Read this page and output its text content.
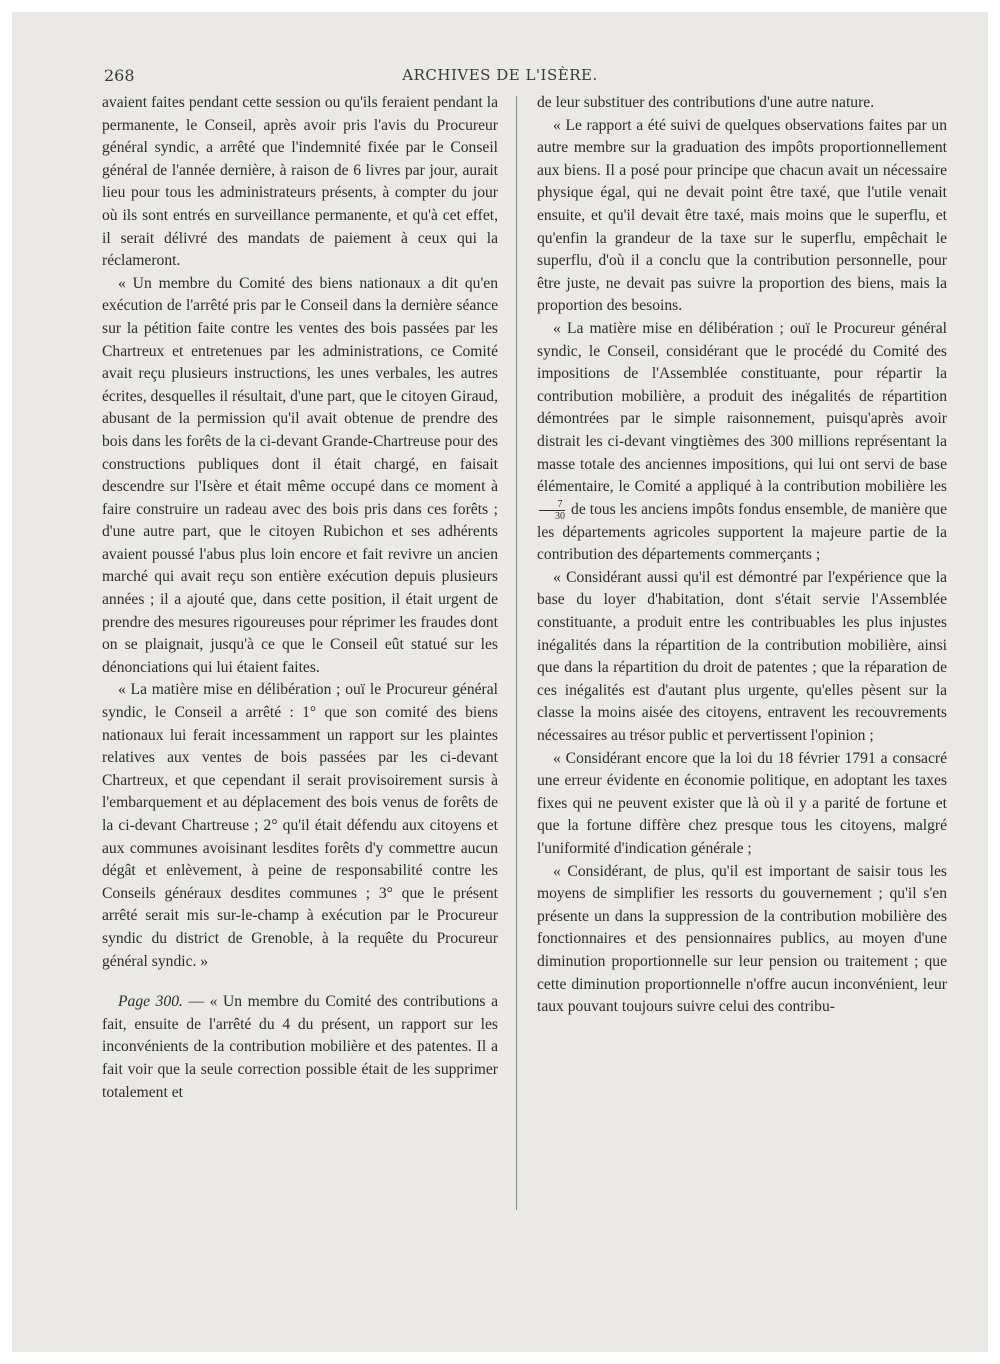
268	ARCHIVES DE L'ISÈRE.

avaient faites pendant cette session ou qu'ils feraient pendant la permanente, le Conseil, après avoir pris l'avis du Procureur général syndic, a arrêté que l'indemnité fixée par le Conseil général de l'année dernière, à raison de 6 livres par jour, aurait lieu pour tous les administrateurs présents, à compter du jour où ils sont entrés en surveillance permanente, et qu'à cet effet, il serait délivré des mandats de paiement à ceux qui la réclameront.

« Un membre du Comité des biens nationaux a dit qu'en exécution de l'arrêté pris par le Conseil dans la dernière séance sur la pétition faite contre les ventes des bois passées par les Chartreux et entretenues par les administrations, ce Comité avait reçu plusieurs instructions, les unes verbales, les autres écrites, desquelles il résultait, d'une part, que le citoyen Giraud, abusant de la permission qu'il avait obtenue de prendre des bois dans les forêts de la ci-devant Grande-Chartreuse pour des constructions publiques dont il était chargé, en faisait descendre sur l'Isère et était même occupé dans ce moment à faire construire un radeau avec des bois pris dans ces forêts ; d'une autre part, que le citoyen Rubichon et ses adhérents avaient poussé l'abus plus loin encore et fait revivre un ancien marché qui avait reçu son entière exécution depuis plusieurs années ; il a ajouté que, dans cette position, il était urgent de prendre des mesures rigoureuses pour réprimer les fraudes dont on se plaignait, jusqu'à ce que le Conseil eût statué sur les dénonciations qui lui étaient faites.

« La matière mise en délibération ; ouï le Procureur général syndic, le Conseil a arrêté : 1° que son comité des biens nationaux lui ferait incessamment un rapport sur les plaintes relatives aux ventes de bois passées par les ci-devant Chartreux, et que cependant il serait provisoirement sursis à l'embarquement et au déplacement des bois venus de forêts de la ci-devant Chartreuse ; 2° qu'il était défendu aux citoyens et aux communes avoisinant lesdites forêts d'y commettre aucun dégât et enlèvement, à peine de responsabilité contre les Conseils généraux desdites communes ; 3° que le présent arrêté serait mis sur-le-champ à exécution par le Procureur syndic du district de Grenoble, à la requête du Procureur général syndic. »

Page 300. — « Un membre du Comité des contributions a fait, ensuite de l'arrêté du 4 du présent, un rapport sur les inconvénients de la contribution mobilière et des patentes. Il a fait voir que la seule correction possible était de les supprimer totalement et

de leur substituer des contributions d'une autre nature.

« Le rapport a été suivi de quelques observations faites par un autre membre sur la graduation des impôts proportionnellement aux biens. Il a posé pour principe que chacun avait un nécessaire physique égal, qui ne devait point être taxé, que l'utile venait ensuite, et qu'il devait être taxé, mais moins que le superflu, et qu'enfin la grandeur de la taxe sur le superflu, empêchait le superflu, d'où il a conclu que la contribution personnelle, pour être juste, ne devait pas suivre la proportion des biens, mais la proportion des besoins.

« La matière mise en délibération ; ouï le Procureur général syndic, le Conseil, considérant que le procédé du Comité des impositions de l'Assemblée constituante, pour répartir la contribution mobilière, a produit des inégalités de répartition démontrées par le simple raisonnement, puisqu'après avoir distrait les ci-devant vingtièmes des 300 millions représentant la masse totale des anciennes impositions, qui lui ont servi de base élémentaire, le Comité a appliqué à la contribution mobilière les
$\frac{7}{30}$ de tous les anciens impôts fondus ensemble, de manière que les départements agricoles supportent la majeure partie de la contribution des départements commerçants ;

« Considérant aussi qu'il est démontré par l'expérience que la base du loyer d'habitation, dont s'était servie l'Assemblée constituante, a produit entre les contribuables les plus injustes inégalités dans la répartition de la contribution mobilière, ainsi que dans la répartition du droit de patentes ; que la réparation de ces inégalités est d'autant plus urgente, qu'elles pèsent sur la classe la moins aisée des citoyens, entravent les recouvrements nécessaires au trésor public et pervertissent l'opinion ;

« Considérant encore que la loi du 18 février 1791 a consacré une erreur évidente en économie politique, en adoptant les taxes fixes qui ne peuvent exister que là où il y a parité de fortune et que la fortune diffère chez presque tous les citoyens, malgré l'uniformité d'indication générale ;

« Considérant, de plus, qu'il est important de saisir tous les moyens de simplifier les ressorts du gouvernement ; qu'il s'en présente un dans la suppression de la contribution mobilière des fonctionnaires et des pensionnaires publics, au moyen d'une diminution proportionnelle sur leur pension ou traitement ; que cette diminution proportionnelle n'offre aucun inconvénient, leur taux pouvant toujours suivre celui des contribu-
